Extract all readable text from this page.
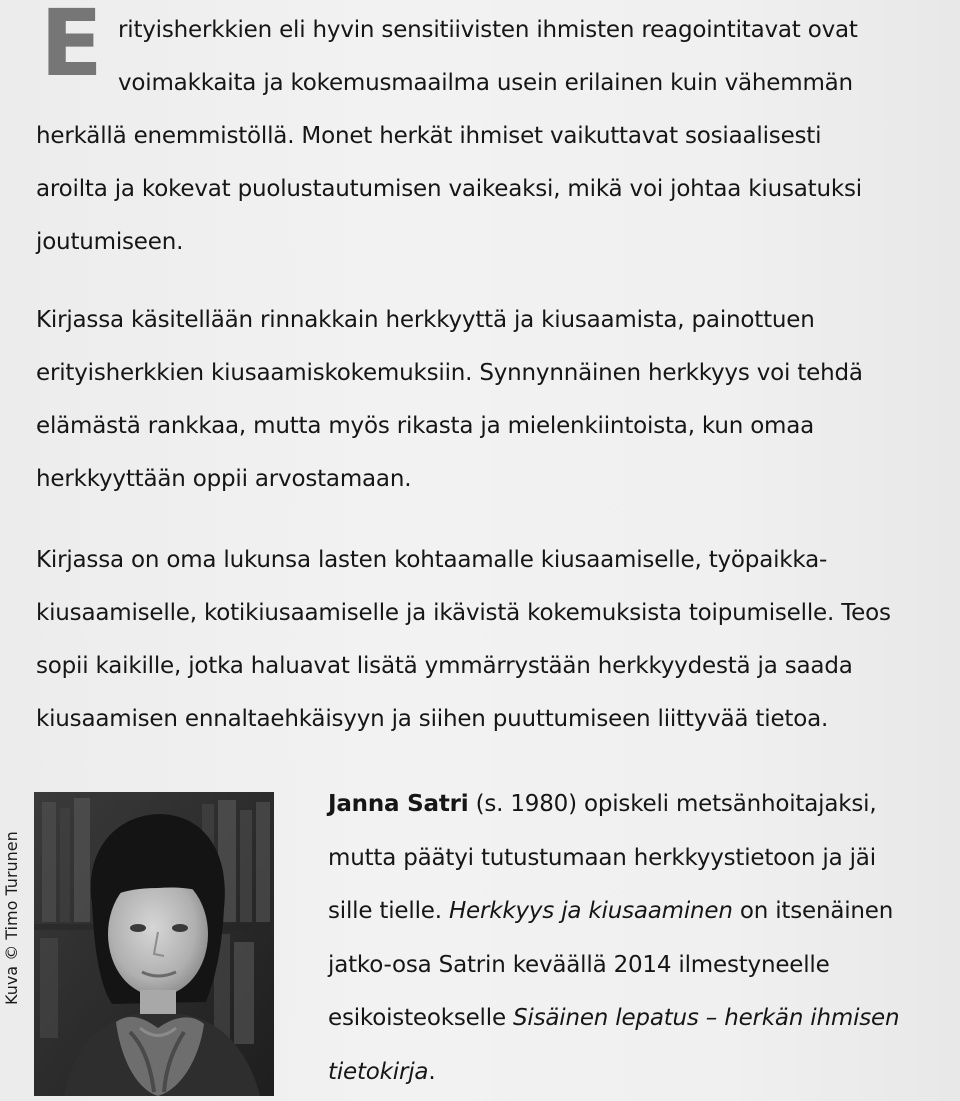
E rityisherkkien eli hyvin sensitiivisten ihmisten reagointitavat ovat
voimakkaita ja kokemusmaailma usein erilainen kuin vähemmän
herkällä enemmistöllä. Monet herkät ihmiset vaikuttavat sosiaalisesti
aroilta ja kokevat puolustautumisen vaikeaksi, mikä voi johtaa kiusatuksi
joutumiseen.

Kirjassa käsitellään rinnakkain herkkyyttä ja kiusaamista, painottuen
erityisherkkien kiusaamiskokemuksiin. Synnynnäinen herkkyys voi tehdä
elämästä rankkaa, mutta myös rikasta ja mielenkiintoista, kun omaa
herkkyyttään oppii arvostamaan.

Kirjassa on oma lukunsa lasten kohtaamalle kiusaamiselle, työpaikka-
kiusaamiselle, kotikiusaamiselle ja ikävistä kokemuksista toipumiselle. Teos
sopii kaikille, jotka haluavat lisätä ymmärrystään herkkyydestä ja saada
kiusaamisen ennaltaehkäisyyn ja siihen puuttumiseen liittyvää tietoa.

Kuva © Timo Turunen

Janna Satri (s. 1980) opiskeli metsänhoitajaksi,
mutta päätyi tutustumaan herkkyystietoon ja jäi
sille tielle. Herkkyys ja kiusaaminen on itsenäinen
jatko-osa Satrin keväällä 2014 ilmestyneelle
esikoisteokselle Sisäinen lepatus – herkän ihmisen
tietokirja.
